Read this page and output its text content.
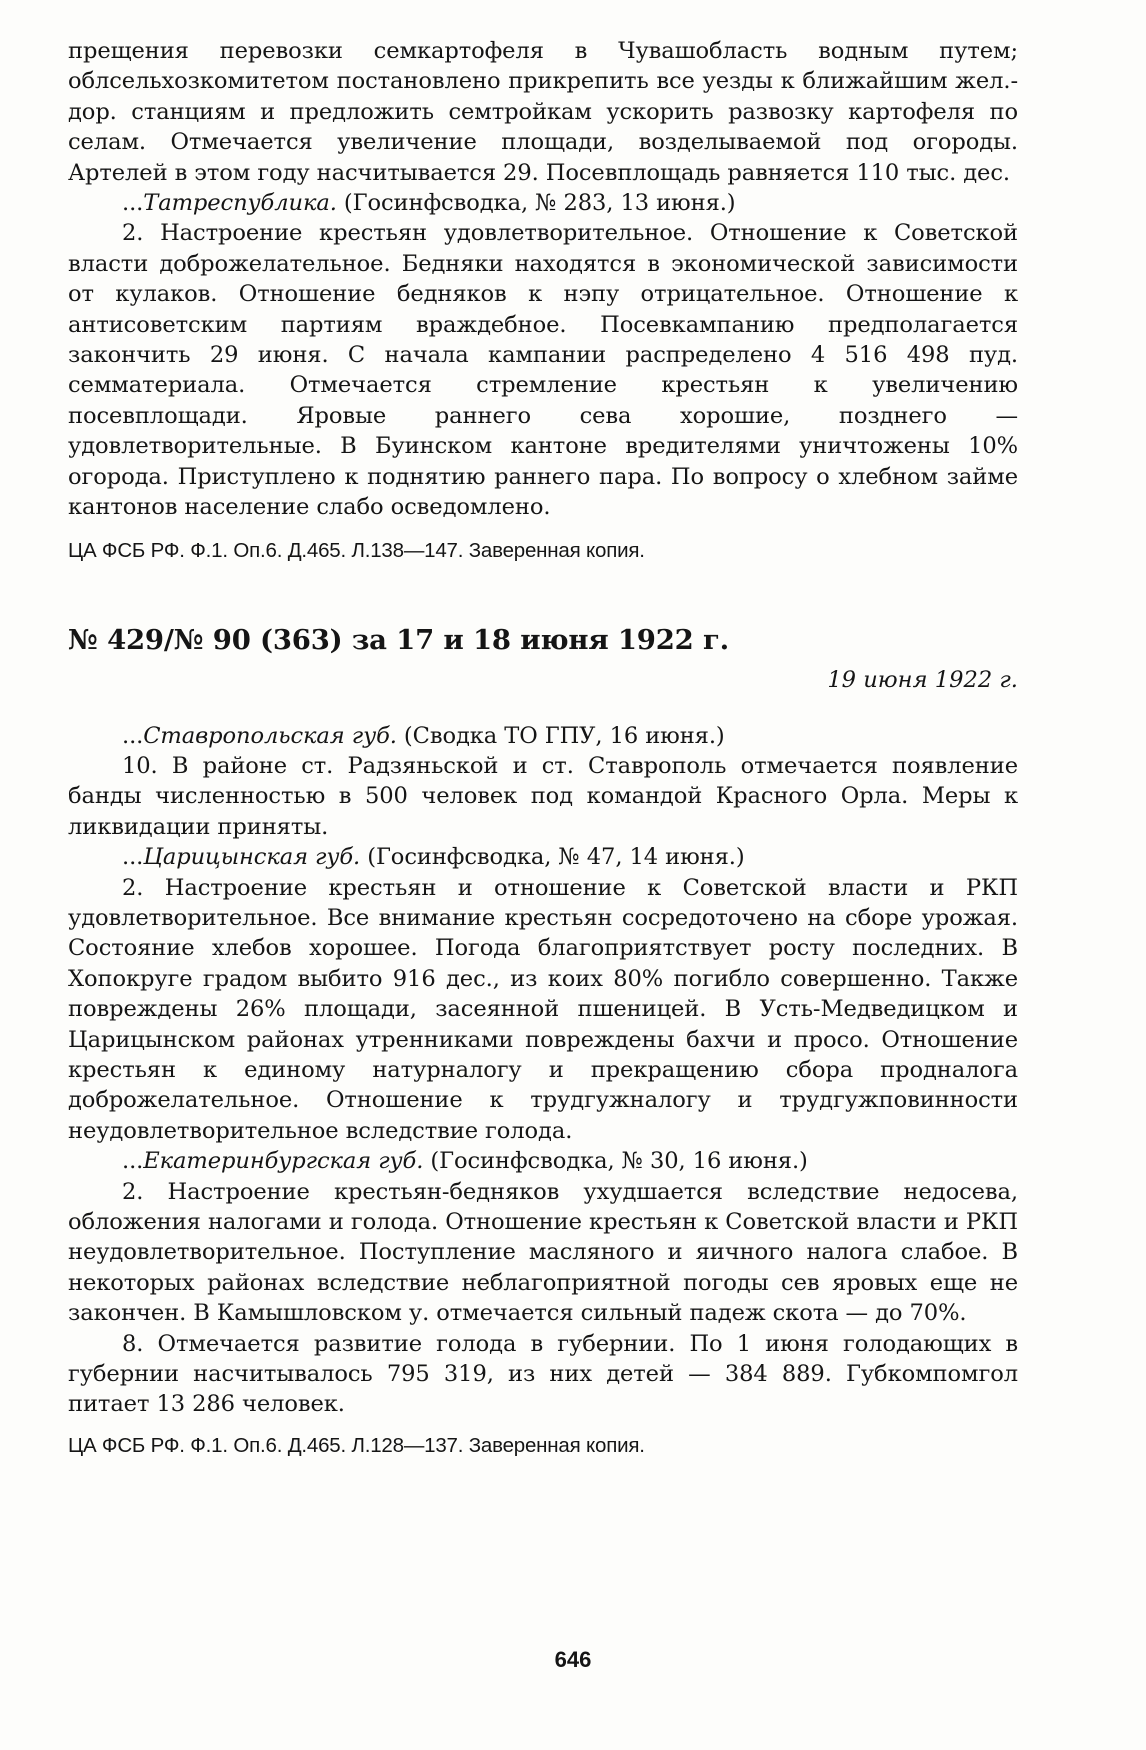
прещения перевозки семкартофеля в Чувашобласть водным путем; облсельхозкомитетом постановлено прикрепить все уезды к ближайшим жел.-дор. станциям и предложить семтройкам ускорить развозку картофеля по селам. Отмечается увеличение площади, возделываемой под огороды. Артелей в этом году насчитывается 29. Посевплощадь равняется 110 тыс. дес.

...Татреспублика. (Госинфсводка, № 283, 13 июня.)

2. Настроение крестьян удовлетворительное. Отношение к Советской власти доброжелательное. Бедняки находятся в экономической зависимости от кулаков. Отношение бедняков к нэпу отрицательное. Отношение к антисоветским партиям враждебное. Посевкампанию предполагается закончить 29 июня. С начала кампании распределено 4 516 498 пуд. семматериала. Отмечается стремление крестьян к увеличению посевплощади. Яровые раннего сева хорошие, позднего — удовлетворительные. В Буинском кантоне вредителями уничтожены 10% огорода. Приступлено к поднятию раннего пара. По вопросу о хлебном займе кантонов население слабо осведомлено.

ЦА ФСБ РФ. Ф.1. Оп.6. Д.465. Л.138—147. Заверенная копия.

№ 429/№ 90 (363) за 17 и 18 июня 1922 г.

19 июня 1922 г.

...Ставропольская губ. (Сводка ТО ГПУ, 16 июня.)

10. В районе ст. Радзяньской и ст. Ставрополь отмечается появление банды численностью в 500 человек под командой Красного Орла. Меры к ликвидации приняты.

...Царицынская губ. (Госинфсводка, № 47, 14 июня.)

2. Настроение крестьян и отношение к Советской власти и РКП удовлетворительное. Все внимание крестьян сосредоточено на сборе урожая. Состояние хлебов хорошее. Погода благоприятствует росту последних. В Хопокруге градом выбито 916 дес., из коих 80% погибло совершенно. Также повреждены 26% площади, засеянной пшеницей. В Усть-Медведицком и Царицынском районах утренниками повреждены бахчи и просо. Отношение крестьян к единому натурналогу и прекращению сбора продналога доброжелательное. Отношение к трудгужналогу и трудгужповинности неудовлетворительное вследствие голода.

...Екатеринбургская губ. (Госинфсводка, № 30, 16 июня.)

2. Настроение крестьян-бедняков ухудшается вследствие недосева, обложения налогами и голода. Отношение крестьян к Советской власти и РКП неудовлетворительное. Поступление масляного и яичного налога слабое. В некоторых районах вследствие неблагоприятной погоды сев яровых еще не закончен. В Камышловском у. отмечается сильный падеж скота — до 70%.

8. Отмечается развитие голода в губернии. По 1 июня голодающих в губернии насчитывалось 795 319, из них детей — 384 889. Губкомпомгол питает 13 286 человек.

ЦА ФСБ РФ. Ф.1. Оп.6. Д.465. Л.128—137. Заверенная копия.

646
